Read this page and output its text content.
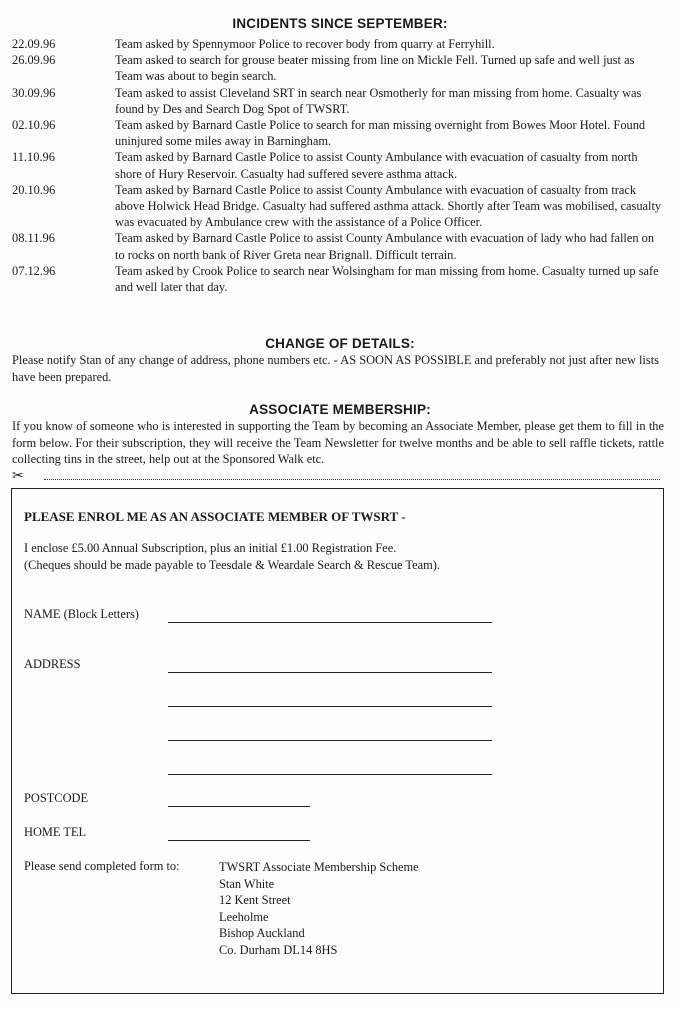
INCIDENTS SINCE SEPTEMBER:
22.09.96	Team asked by Spennymoor Police to recover body from quarry at Ferryhill.
26.09.96	Team asked to search for grouse beater missing from line on Mickle Fell. Turned up safe and well just as Team was about to begin search.
30.09.96	Team asked to assist Cleveland SRT in search near Osmotherly for man missing from home. Casualty was found by Des and Search Dog Spot of TWSRT.
02.10.96	Team asked by Barnard Castle Police to search for man missing overnight from Bowes Moor Hotel. Found uninjured some miles away in Barningham.
11.10.96	Team asked by Barnard Castle Police to assist County Ambulance with evacuation of casualty from north shore of Hury Reservoir. Casualty had suffered severe asthma attack.
20.10.96	Team asked by Barnard Castle Police to assist County Ambulance with evacuation of casualty from track above Holwick Head Bridge. Casualty had suffered asthma attack. Shortly after Team was mobilised, casualty was evacuated by Ambulance crew with the assistance of a Police Officer.
08.11.96	Team asked by Barnard Castle Police to assist County Ambulance with evacuation of lady who had fallen on to rocks on north bank of River Greta near Brignall. Difficult terrain.
07.12.96	Team asked by Crook Police to search near Wolsingham for man missing from home. Casualty turned up safe and well later that day.
CHANGE OF DETAILS:

Please notify Stan of any change of address, phone numbers etc. - AS SOON AS POSSIBLE and preferably not just after new lists have been prepared.

ASSOCIATE MEMBERSHIP:

If you know of someone who is interested in supporting the Team by becoming an Associate Member, please get them to fill in the form below. For their subscription, they will receive the Team Newsletter for twelve months and be able to sell raffle tickets, rattle collecting tins in the street, help out at the Sponsored Walk etc.

✂

PLEASE ENROL ME AS AN ASSOCIATE MEMBER OF TWSRT -

I enclose £5.00 Annual Subscription, plus an initial £1.00 Registration Fee.
(Cheques should be made payable to Teesdale & Weardale Search & Rescue Team).
NAME (Block Letters)
ADDRESS
POSTCODE
HOME TEL
Please send completed form to:	TWSRT Associate Membership Scheme
Stan White
12 Kent Street
Leeholme
Bishop Auckland
Co. Durham DL14 8HS
